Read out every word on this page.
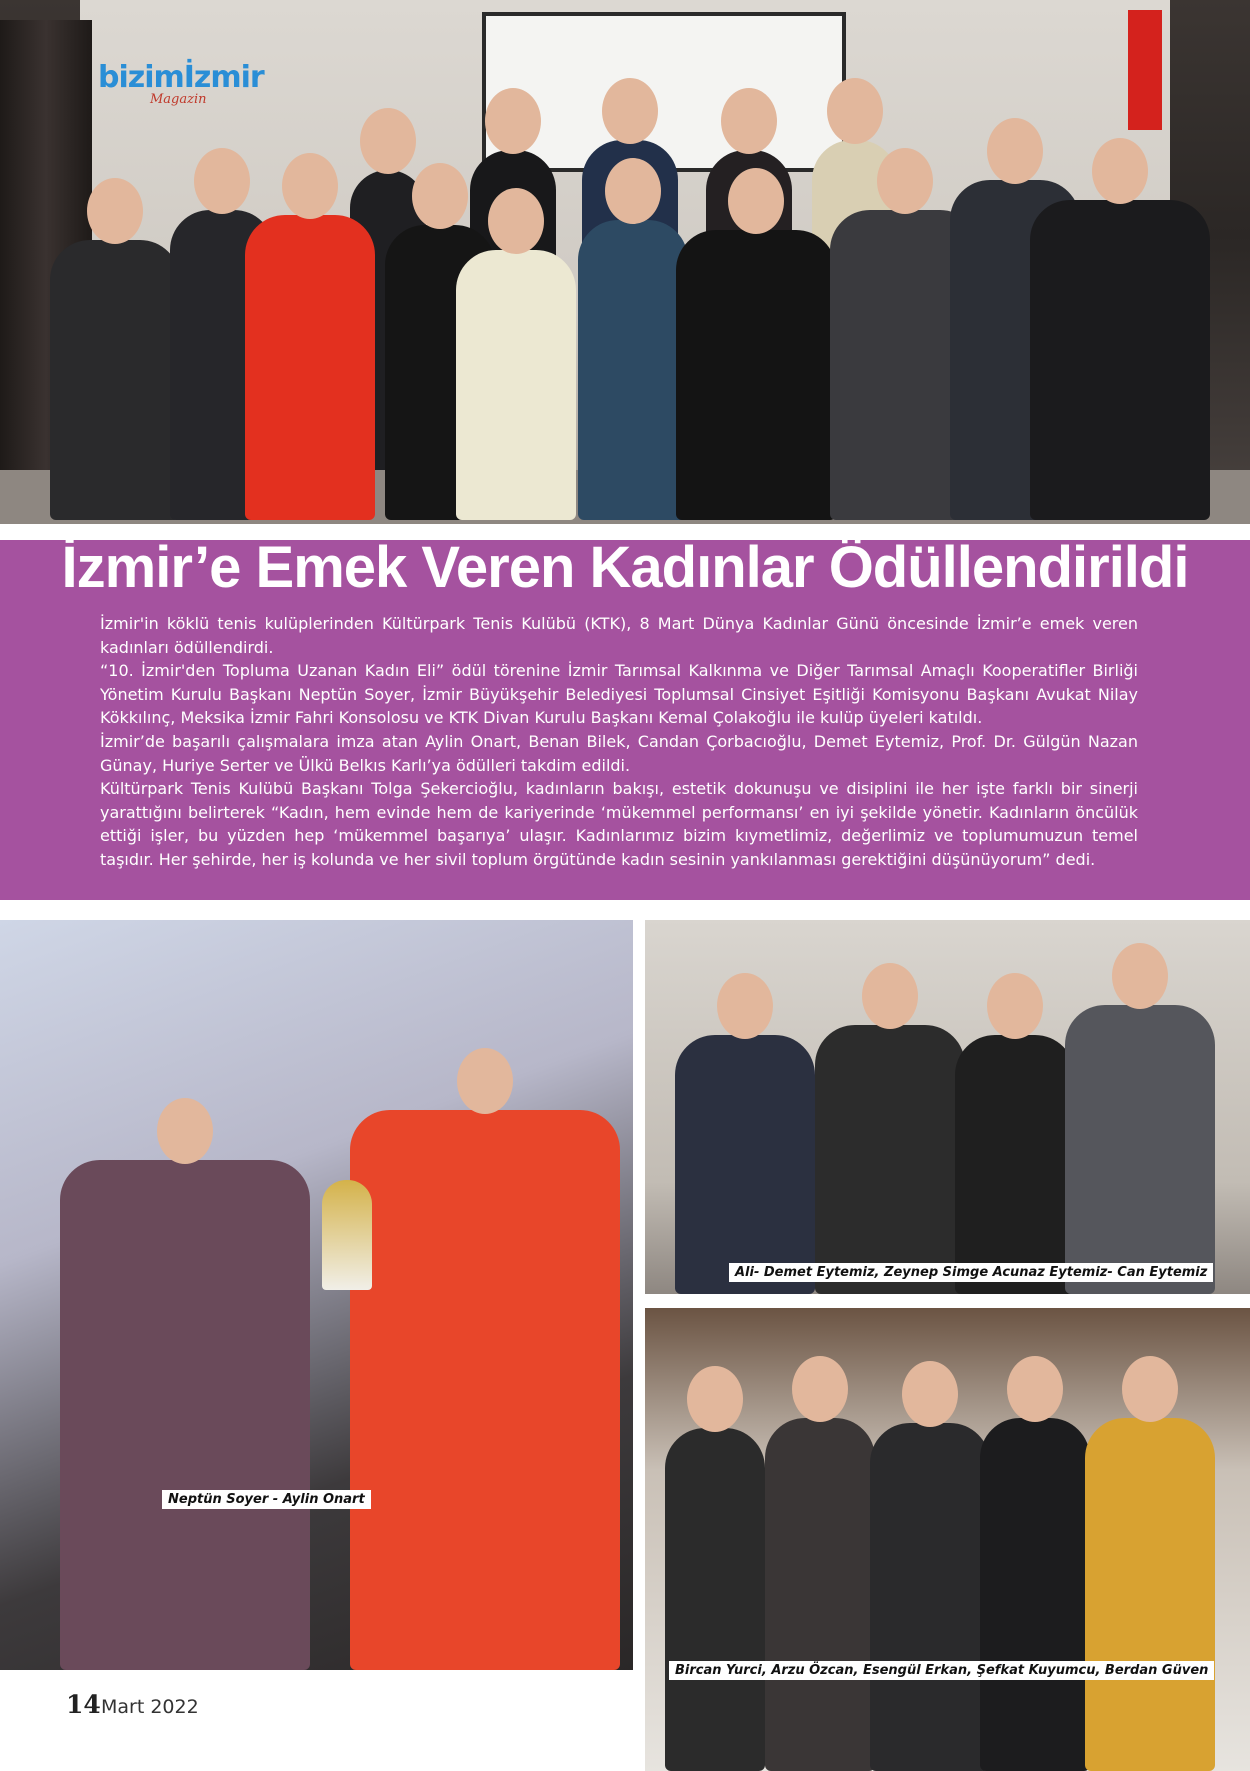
bizimİzmir
Magazin
İzmir’e Emek Veren Kadınlar Ödüllendirildi

İzmir'in köklü tenis kulüplerinden Kültürpark Tenis Kulübü (KTK), 8 Mart Dünya Kadınlar Günü öncesinde İzmir’e emek veren kadınları ödüllendirdi.

“10. İzmir'den Topluma Uzanan Kadın Eli” ödül törenine İzmir Tarımsal Kalkınma ve Diğer Tarımsal Amaçlı Kooperatifler Birliği Yönetim Kurulu Başkanı Neptün Soyer, İzmir Büyükşehir Belediyesi Toplumsal Cinsiyet Eşitliği Komisyonu Başkanı Avukat Nilay Kökkılınç, Meksika İzmir Fahri Konsolosu ve KTK Divan Kurulu Başkanı Kemal Çolakoğlu ile kulüp üyeleri katıldı.

İzmir’de başarılı çalışmalara imza atan Aylin Onart, Benan Bilek, Candan Çorbacıoğlu, Demet Eytemiz, Prof. Dr. Gülgün Nazan Günay, Huriye Serter ve Ülkü Belkıs Karlı’ya ödülleri takdim edildi.

Kültürpark Tenis Kulübü Başkanı Tolga Şekercioğlu, kadınların bakışı, estetik dokunuşu ve disiplini ile her işte farklı bir sinerji yarattığını belirterek “Kadın, hem evinde hem de kariyerinde ‘mükemmel performansı’ en iyi şekilde yönetir. Kadınların öncülük ettiği işler, bu yüzden hep ‘mükemmel başarıya’ ulaşır. Kadınlarımız bizim kıymetlimiz, değerlimiz ve toplumumuzun temel taşıdır. Her şehirde, her iş kolunda ve her sivil toplum örgütünde kadın sesinin yankılanması gerektiğini düşünüyorum” dedi.

Neptün Soyer - Aylin Onart
Ali- Demet Eytemiz, Zeynep Simge Acunaz Eytemiz- Can Eytemiz
Bircan Yurci, Arzu Özcan, Esengül Erkan, Şefkat Kuyumcu, Berdan Güven
14 Mart 2022
